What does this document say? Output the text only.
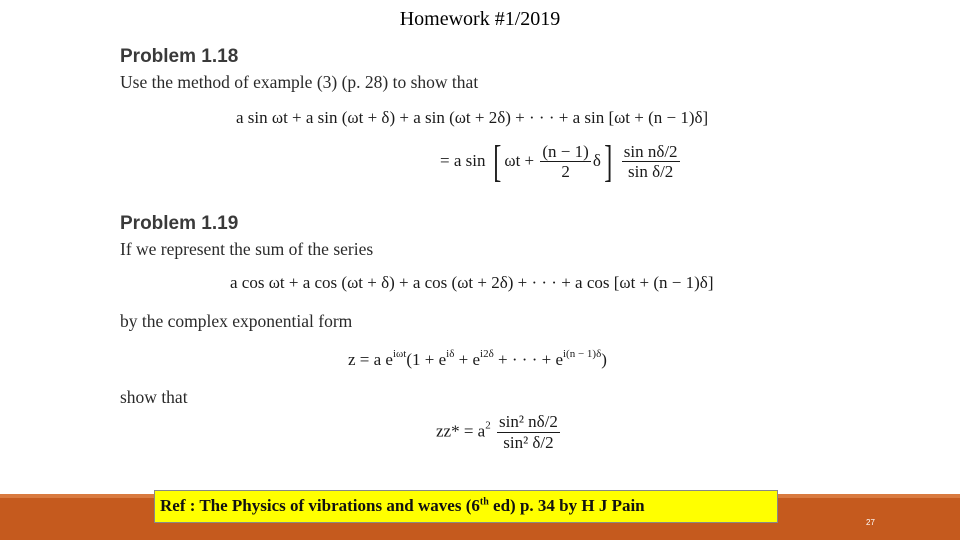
Homework #1/2019
Problem 1.18
Use the method of example (3) (p. 28) to show that
a sin ωt + a sin (ωt + δ) + a sin (ωt + 2δ) + · · · + a sin [ωt + (n − 1)δ]
= a sin [ $\omega t + \frac{(n - 1)}{2} \delta] \frac{\text{sin nδ/2}}{\text{sin δ/2}}$
Problem 1.19
If we represent the sum of the series
a cos ωt + a cos (ωt + δ) + a cos (ωt + 2δ) + · · · + a cos [ωt + (n − 1)δ]
by the complex exponential form
z = a $e^{i\omega t}(1 + e^{i\delta} + e^{i2\delta}$ + · · · + $e^{i(n - 1)\delta}$)
show that
$zz* = a^2 \frac{\text{sin² nδ/2}}{\text{sin² δ/2}}$
Ref : The Physics of vibrations and waves (6th ed) p. 34 by H J Pain
27
